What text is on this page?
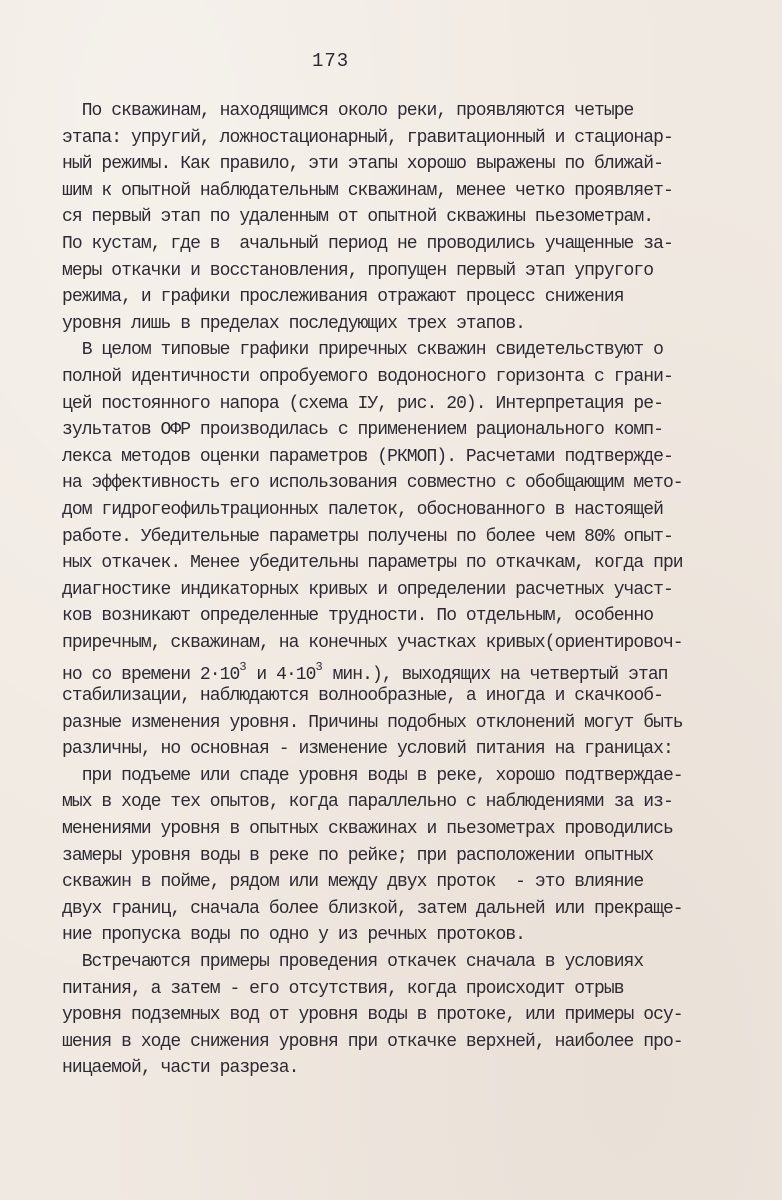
173
По скважинам, находящимся около реки, проявляются четыре
этапа: упругий, ложностационарный, гравитационный и стационар-
ный режимы. Как правило, эти этапы хорошо выражены по ближай-
шим к опытной наблюдательным скважинам, менее четко проявляет-
ся первый этап по удаленным от опытной скважины пьезометрам.
По кустам, где в  ачальный период не проводились учащенные за-
меры откачки и восстановления, пропущен первый этап упругого
режима, и графики прослеживания отражают процесс снижения
уровня лишь в пределах последующих трех этапов.
В целом типовые графики приречных скважин свидетельствуют о
полной идентичности опробуемого водоносного горизонта с грани-
цей постоянного напора (схема IУ, рис. 20). Интерпретация ре-
зультатов ОФР производилась с применением рационального комп-
лекса методов оценки параметров (РКМОП). Расчетами подтвержде-
на эффективность его использования совместно с обобщающим мето-
дом гидрогеофильтрационных палеток, обоснованного в настоящей
работе. Убедительные параметры получены по более чем 80% опыт-
ных откачек. Менее убедительны параметры по откачкам, когда при
диагностике индикаторных кривых и определении расчетных участ-
ков возникают определенные трудности. По отдельным, особенно
приречным, скважинам, на конечных участках кривых(ориентировоч-
но со времени $2\cdot 10^3$ и $4\cdot 10^3$ мин.), выходящих на четвертый этап
стабилизации, наблюдаются волнообразные, а иногда и скачкооб-
разные изменения уровня. Причины подобных отклонений могут быть
различны, но основная - изменение условий питания на границах:
при подъеме или спаде уровня воды в реке, хорошо подтверждае-
мых в ходе тех опытов, когда параллельно с наблюдениями за из-
менениями уровня в опытных скважинах и пьезометрах проводились
замеры уровня воды в реке по рейке; при расположении опытных
скважин в пойме, рядом или между двух проток  - это влияние
двух границ, сначала более близкой, затем дальней или прекраще-
ние пропуска воды по одно у из речных протоков.
Встречаются примеры проведения откачек сначала в условиях
питания, а затем - его отсутствия, когда происходит отрыв
уровня подземных вод от уровня воды в протоке, или примеры осу-
шения в ходе снижения уровня при откачке верхней, наиболее про-
ницаемой, части разреза.
